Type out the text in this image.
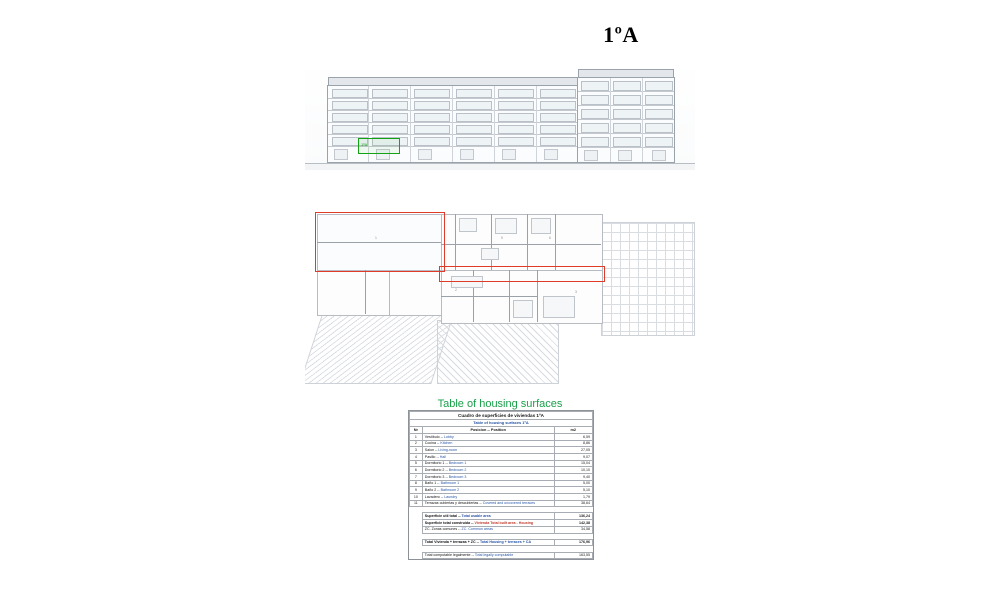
1ºA
1ºA
1	5	6
3
2
Table of housing surfaces
Cuadro de superficies de viviendas 1ºA		
Table of housing surfaces 1ºA		
Nr	Posicion -- Position	m2
1	Vestíbulo -- Lobby	6,59
2	Cocina -- Kitchen	8,86
3	Salon -- Living-room	27,05
4	Pasillo -- Hall	9,07
5	Dormitorio 1 -- Bedroom 1	15,04
6	Dormitorio 2 -- Bedroom 2	10,10
7	Dormitorio 3 -- Bedroom 3	9,40
8	Baño 1 -- Bathroom 1	5,00
9	Baño 2 -- Bathroom 2	5,10
10	Lavadero -- Laundry	1,79
11	Terrazas cubiertas y descubiertas -- Covered and uncovered terraces	38,64

	Superficie util total -- Total usable area	136,24
	Superficie total construida -- Vivienda Total built area - Housing	142,38
	ZC. Zonas comunes -- ZC. Common areas	34,58

	Total Vivienda + terrazas + ZC -- Total Housing + terraces + CA	176,96

	Total computable legalmente -- Total legally computable	163,55
